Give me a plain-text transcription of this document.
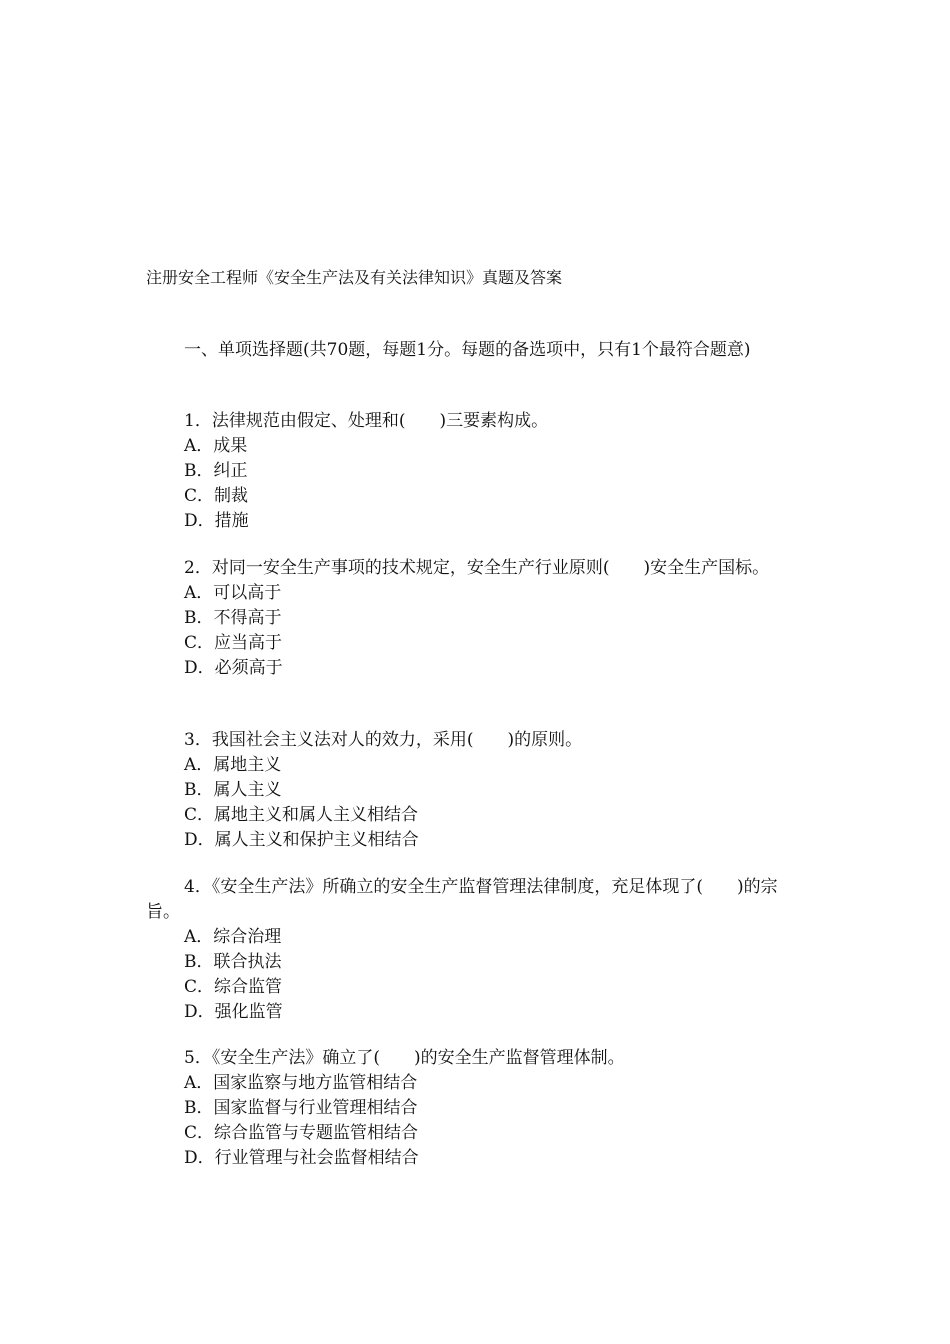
注册安全工程师《安全生产法及有关法律知识》真题及答案
一、单项选择题(共70题，每题1分。每题的备选项中，只有1个最符合题意)
1．法律规范由假定、处理和(　　)三要素构成。
A．成果
B．纠正
C．制裁
D．措施
2．对同一安全生产事项的技术规定，安全生产行业原则(　　)安全生产国标。
A．可以高于
B．不得高于
C．应当高于
D．必须高于
3．我国社会主义法对人的效力，采用(　　)的原则。
A．属地主义
B．属人主义
C．属地主义和属人主义相结合
D．属人主义和保护主义相结合
4．《安全生产法》所确立的安全生产监督管理法律制度，充足体现了(　　)的宗旨。
A．综合治理
B．联合执法
C．综合监管
D．强化监管
5．《安全生产法》确立了(　　)的安全生产监督管理体制。
A．国家监察与地方监管相结合
B．国家监督与行业管理相结合
C．综合监管与专题监管相结合
D．行业管理与社会监督相结合
